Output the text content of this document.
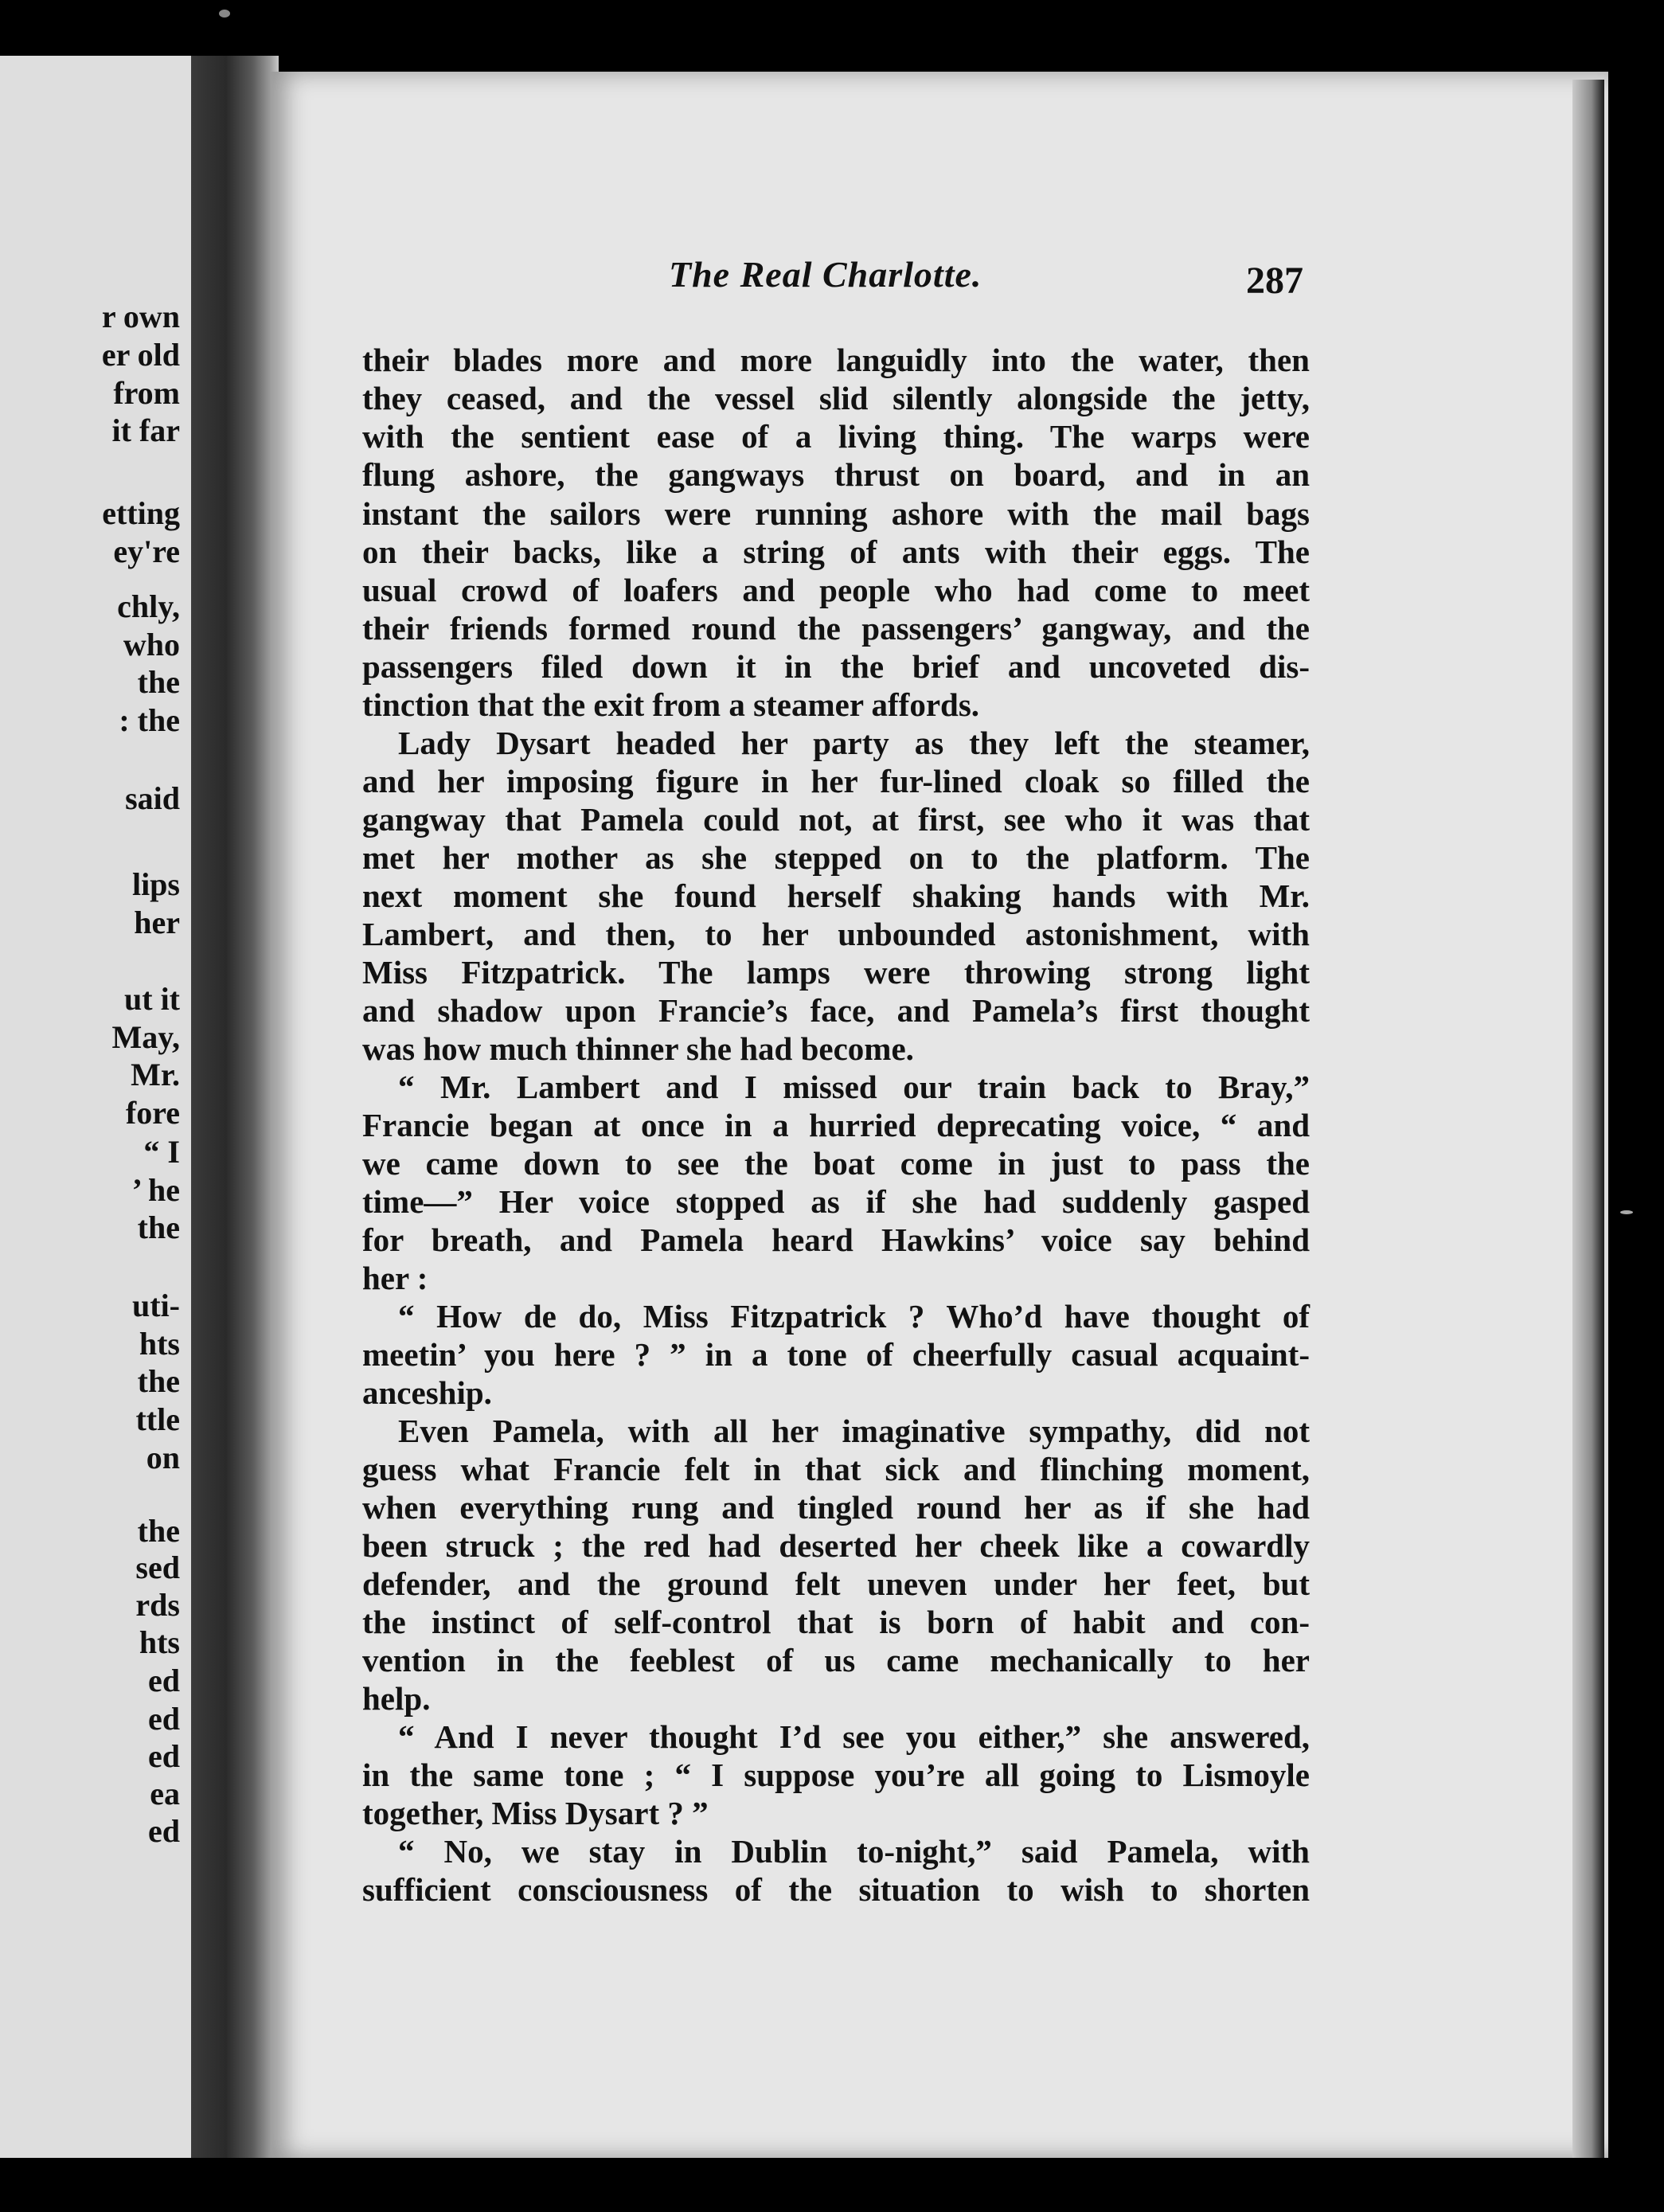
r own
er old
from
it far
etting
ey're
chly,
who
the
: the
said
lips
her
ut it
May,
Mr.
fore
“ I
’ he
the
uti-
hts
the
ttle
on
the
sed
rds
hts
ed
ed
ed
ea
ed
The Real Charlotte.	287
their blades more and more languidly into the water, then
they ceased, and the vessel slid silently alongside the jetty,
with the sentient ease of a living thing. The warps were
flung ashore, the gangways thrust on board, and in an
instant the sailors were running ashore with the mail bags
on their backs, like a string of ants with their eggs. The
usual crowd of loafers and people who had come to meet
their friends formed round the passengers’ gangway, and the
passengers filed down it in the brief and uncoveted dis-
tinction that the exit from a steamer affords.
Lady Dysart headed her party as they left the steamer,
and her imposing figure in her fur-lined cloak so filled the
gangway that Pamela could not, at first, see who it was that
met her mother as she stepped on to the platform. The
next moment she found herself shaking hands with Mr.
Lambert, and then, to her unbounded astonishment, with
Miss Fitzpatrick. The lamps were throwing strong light
and shadow upon Francie’s face, and Pamela’s first thought
was how much thinner she had become.
“ Mr. Lambert and I missed our train back to Bray,”
Francie began at once in a hurried deprecating voice, “ and
we came down to see the boat come in just to pass the
time—” Her voice stopped as if she had suddenly gasped
for breath, and Pamela heard Hawkins’ voice say behind
her :
“ How de do, Miss Fitzpatrick ? Who’d have thought of
meetin’ you here ? ” in a tone of cheerfully casual acquaint-
anceship.
Even Pamela, with all her imaginative sympathy, did not
guess what Francie felt in that sick and flinching moment,
when everything rung and tingled round her as if she had
been struck ; the red had deserted her cheek like a cowardly
defender, and the ground felt uneven under her feet, but
the instinct of self-control that is born of habit and con-
vention in the feeblest of us came mechanically to her
help.
“ And I never thought I’d see you either,” she answered,
in the same tone ; “ I suppose you’re all going to Lismoyle
together, Miss Dysart ? ”
“ No, we stay in Dublin to-night,” said Pamela, with
sufficient consciousness of the situation to wish to shorten
